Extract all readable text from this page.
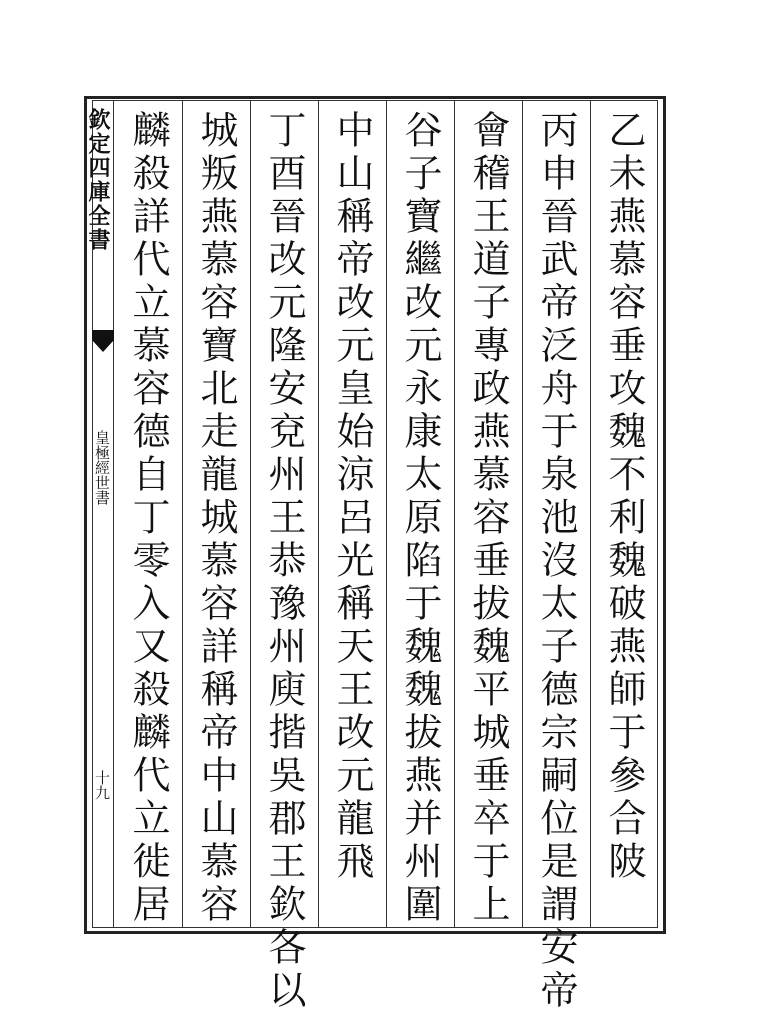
欽定四庫全書
皇極經世書
十九	乙未燕慕容垂攻魏不利魏破燕師于參合陂
丙申晉武帝泛舟于泉池沒太子德宗嗣位是謂安帝
會稽王道子專政燕慕容垂拔魏平城垂卒于上
谷子寶繼改元永康太原陷于魏魏拔燕并州圍
中山稱帝改元皇始涼呂光稱天王改元龍飛
丁酉晉改元隆安兗州王恭豫州庾揩吳郡王欽各以
城叛燕慕容寶北走龍城慕容詳稱帝中山慕容
麟殺詳代立慕容德自丁零入又殺麟代立徙居
